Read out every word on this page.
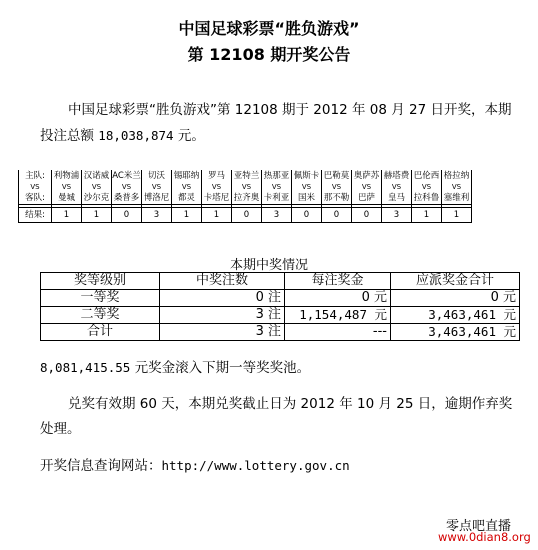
中国足球彩票“胜负游戏”
第 12108 期开奖公告
中国足球彩票“胜负游戏”第 12108 期于 2012 年 08 月 27 日开奖，本期投注总额 18,038,874 元。
主队:	利物浦	汉诺威	AC米兰	切沃	锡耶纳	罗马	亚特兰	热那亚	佩斯卡	巴勒莫	奥萨苏	赫塔费	巴伦西	格拉纳
VS	VS	VS	VS	VS	VS	VS	VS	VS	VS	VS	VS	VS	VS	VS
客队:	曼城	沙尔克	桑普多	博洛尼	都灵	卡塔尼	拉齐奥	卡利亚	国米	那不勒	巴萨	皇马	拉科鲁	塞维利

结果:	1	1	0	3	1	1	0	3	0	0	0	3	1	1
本期中奖情况
奖等级别	中奖注数	每注奖金	应派奖金合计
一等奖	0 注	0 元	0 元
二等奖	3 注	1,154,487 元	3,463,461 元
合计	3 注	---	3,463,461 元
8,081,415.55 元奖金滚入下期一等奖奖池。
兑奖有效期 60 天，本期兑奖截止日为 2012 年 10 月 25 日，逾期作弃奖处理。
开奖信息查询网站：http://www.lottery.gov.cn
零点吧直播
www.0dian8.org
